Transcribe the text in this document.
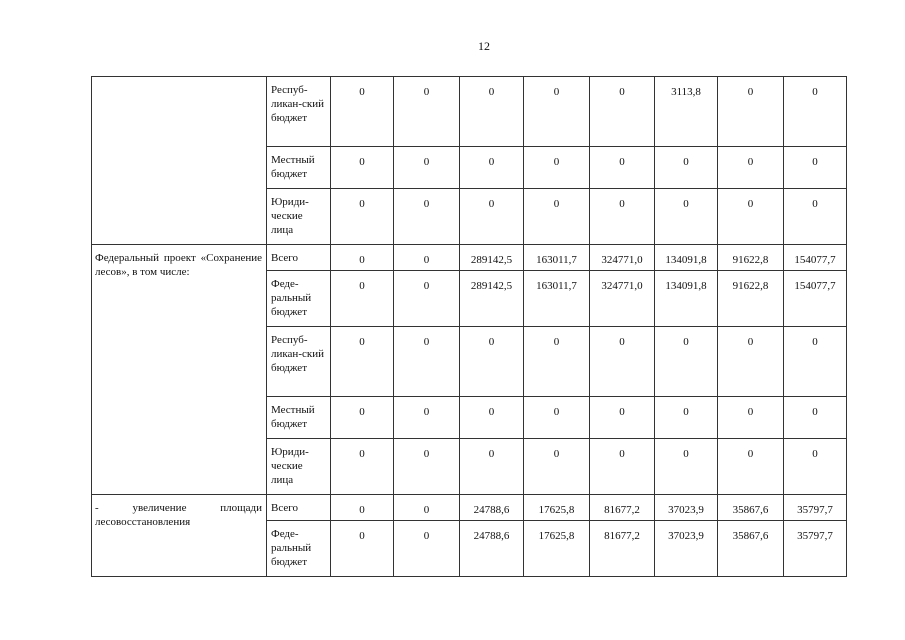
12
	Респуб-ликан-ский бюджет	0	0	0	0	0	3113,8	0	0
	Местный бюджет	0	0	0	0	0	0	0	0
	Юриди-ческие лица	0	0	0	0	0	0	0	0
Федеральный проект «Сохранение лесов», в том числе:	Всего	0	0	289142,5	163011,7	324771,0	134091,8	91622,8	154077,7
	Феде-ральный бюджет	0	0	289142,5	163011,7	324771,0	134091,8	91622,8	154077,7
	Респуб-ликан-ский бюджет	0	0	0	0	0	0	0	0
	Местный бюджет	0	0	0	0	0	0	0	0
	Юриди-ческие лица	0	0	0	0	0	0	0	0
- увеличение площади лесовосстановления	Всего	0	0	24788,6	17625,8	81677,2	37023,9	35867,6	35797,7
	Феде-ральный бюджет	0	0	24788,6	17625,8	81677,2	37023,9	35867,6	35797,7
